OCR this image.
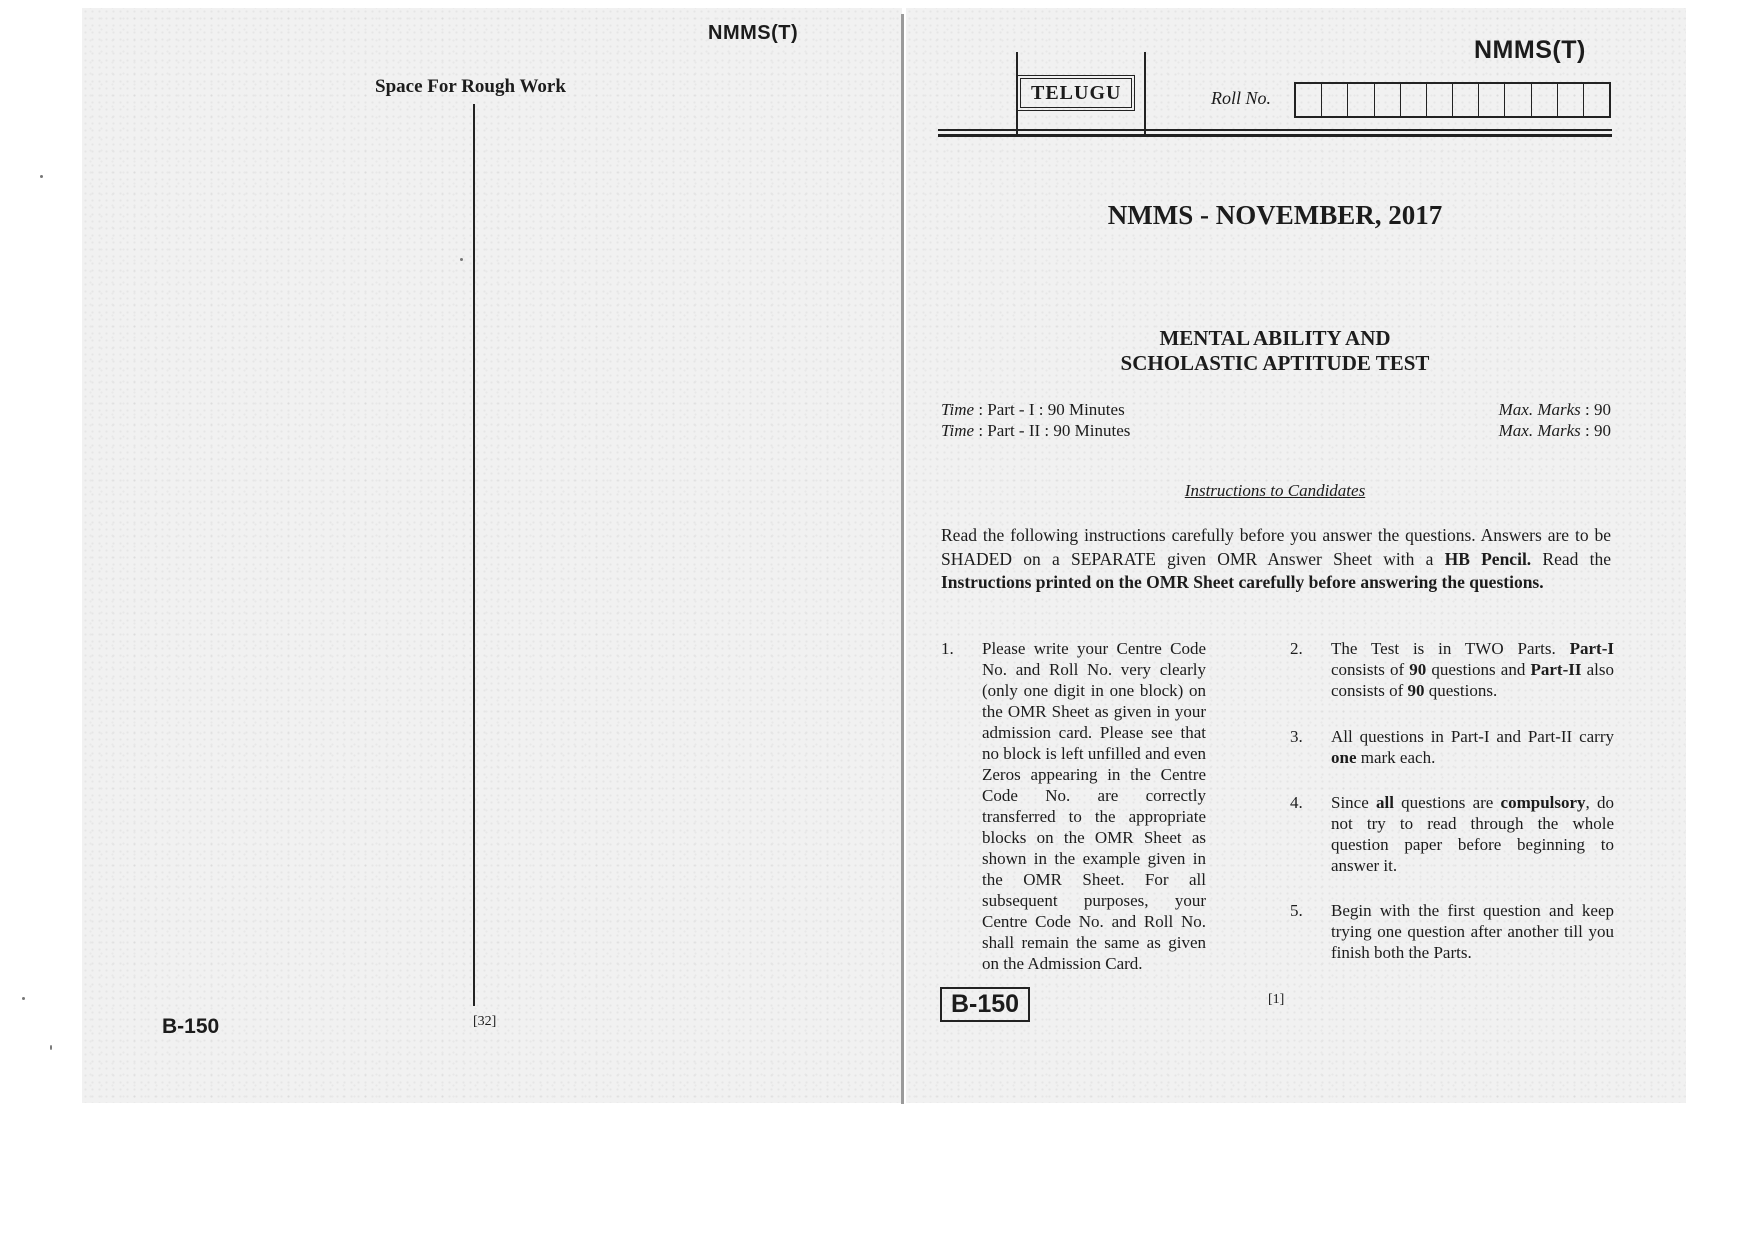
NMMS(T)
Space For Rough Work
[32]
B-150
NMMS(T)
TELUGU	Roll No.
NMMS - NOVEMBER, 2017
MENTAL ABILITY AND
SCHOLASTIC APTITUDE TEST
Time : Part - I : 90 Minutes	Max. Marks : 90
Time : Part - II : 90 Minutes	Max. Marks : 90
Instructions to Candidates
Read the following instructions carefully before you answer the questions. Answers are to be SHADED on a SEPARATE given OMR Answer Sheet with a HB Pencil. Read the Instructions printed on the OMR Sheet carefully before answering the questions.
1. Please write your Centre Code No. and Roll No. very clearly (only one digit in one block) on the OMR Sheet as given in your admission card. Please see that no block is left unfilled and even Zeros appearing in the Centre Code No. are correctly transferred to the appropriate blocks on the OMR Sheet as shown in the example given in the OMR Sheet. For all subsequent purposes, your Centre Code No. and Roll No. shall remain the same as given on the Admission Card.
2. The Test is in TWO Parts. Part-I consists of 90 questions and Part-II also consists of 90 questions.
3. All questions in Part-I and Part-II carry one mark each.
4. Since all questions are compulsory, do not try to read through the whole question paper before beginning to answer it.
5. Begin with the first question and keep trying one question after another till you finish both the Parts.
B-150	[1]
